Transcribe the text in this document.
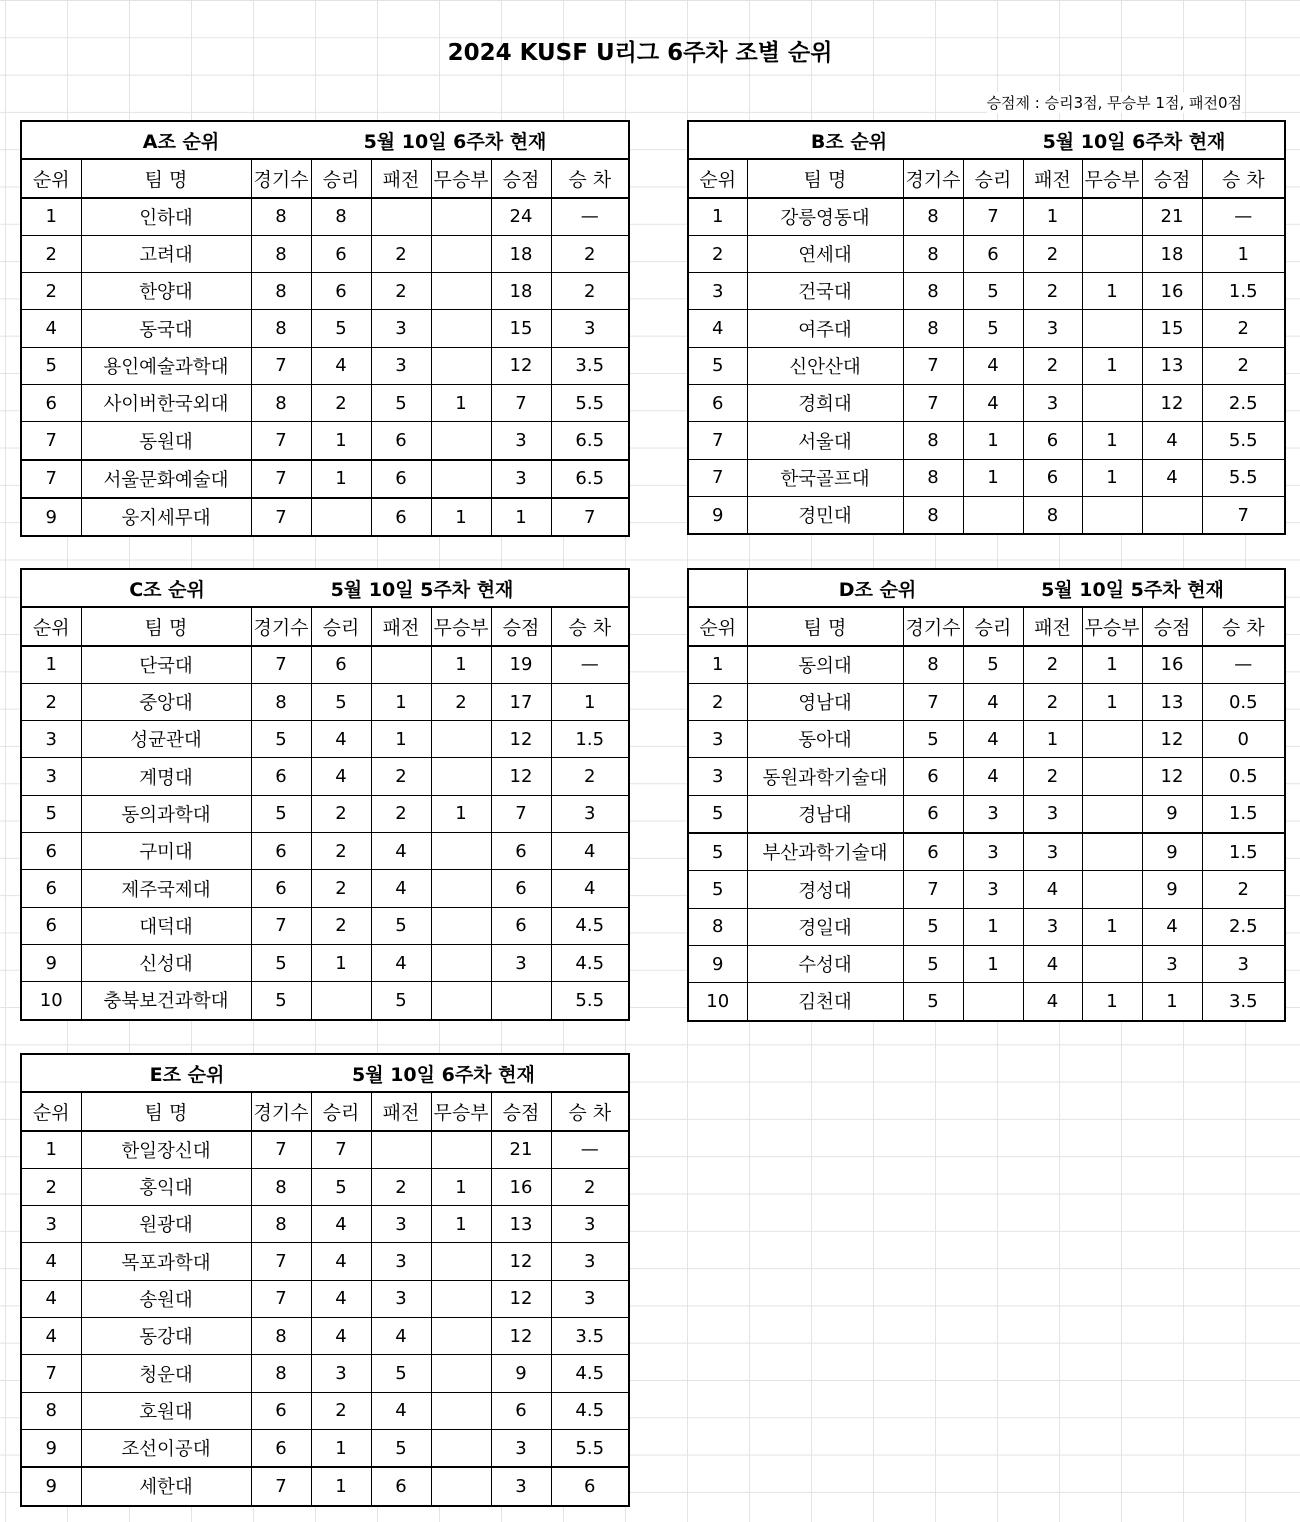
2024 KUSF U리그 6주차 조별 순위
승점제 : 승리3점, 무승부 1점, 패전0점
A조 순위 5월 10일 6주차 현재							

순위	팀 명	경기수	승리	패전	무승부	승점	승 차
1	인하대	8	8			24	—
2	고려대	8	6	2		18	2
2	한양대	8	6	2		18	2
4	동국대	8	5	3		15	3
5	용인예술과학대	7	4	3		12	3.5
6	사이버한국외대	8	2	5	1	7	5.5
7	동원대	7	1	6		3	6.5
7	서울문화예술대	7	1	6		3	6.5
9	웅지세무대	7		6	1	1	7
B조 순위 5월 10일 6주차 현재							

순위	팀 명	경기수	승리	패전	무승부	승점	승 차
1	강릉영동대	8	7	1		21	—
2	연세대	8	6	2		18	1
3	건국대	8	5	2	1	16	1.5
4	여주대	8	5	3		15	2
5	신안산대	7	4	2	1	13	2
6	경희대	7	4	3		12	2.5
7	서울대	8	1	6	1	4	5.5
7	한국골프대	8	1	6	1	4	5.5
9	경민대	8		8			7
C조 순위 5월 10일 5주차 현재							

순위	팀 명	경기수	승리	패전	무승부	승점	승 차
1	단국대	7	6		1	19	—
2	중앙대	8	5	1	2	17	1
3	성균관대	5	4	1		12	1.5
3	계명대	6	4	2		12	2
5	동의과학대	5	2	2	1	7	3
6	구미대	6	2	4		6	4
6	제주국제대	6	2	4		6	4
6	대덕대	7	2	5		6	4.5
9	신성대	5	1	4		3	4.5
10	충북보건과학대	5		5			5.5

	D조 순위 5월 10일 5주차 현재						

순위	팀 명	경기수	승리	패전	무승부	승점	승 차
1	동의대	8	5	2	1	16	—
2	영남대	7	4	2	1	13	0.5
3	동아대	5	4	1		12	0
3	동원과학기술대	6	4	2		12	0.5
5	경남대	6	3	3		9	1.5
5	부산과학기술대	6	3	3		9	1.5
5	경성대	7	3	4		9	2
8	경일대	5	1	3	1	4	2.5
9	수성대	5	1	4		3	3
10	김천대	5		4	1	1	3.5
E조 순위 5월 10일 6주차 현재							

순위	팀 명	경기수	승리	패전	무승부	승점	승 차
1	한일장신대	7	7			21	—
2	홍익대	8	5	2	1	16	2
3	원광대	8	4	3	1	13	3
4	목포과학대	7	4	3		12	3
4	송원대	7	4	3		12	3
4	동강대	8	4	4		12	3.5
7	청운대	8	3	5		9	4.5
8	호원대	6	2	4		6	4.5
9	조선이공대	6	1	5		3	5.5
9	세한대	7	1	6		3	6
